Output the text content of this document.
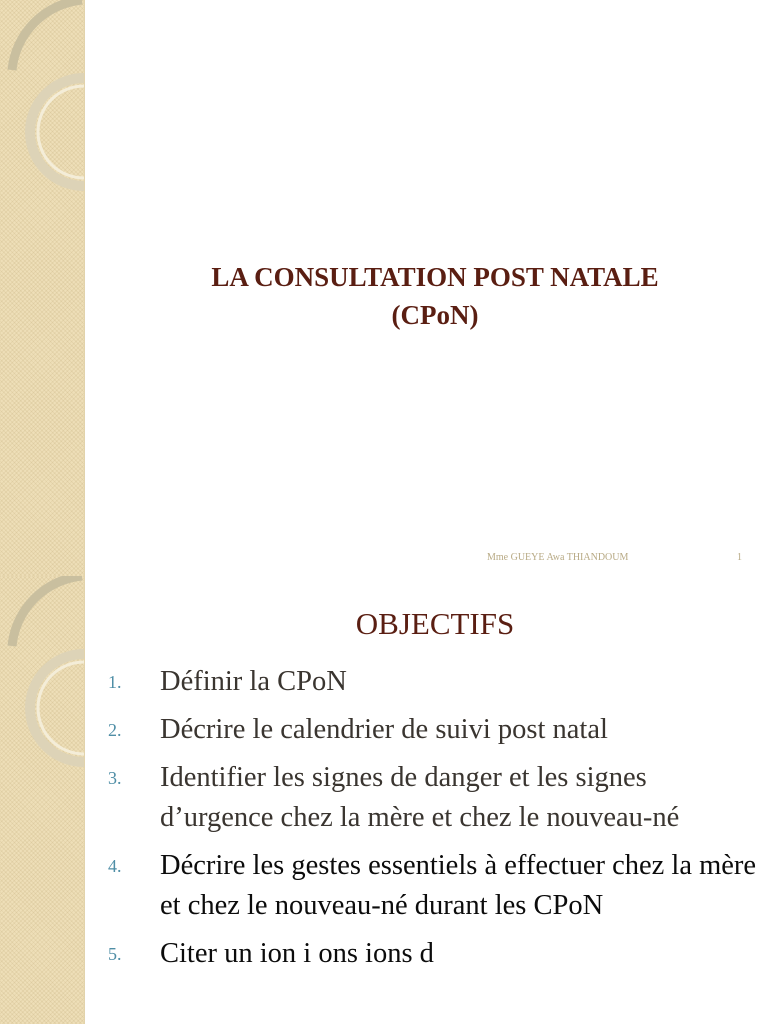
LA CONSULTATION POST NATALE
(CPoN)
Mme GUEYE Awa THIANDOUM	1
OBJECTIFS
1. Définir la CPoN
2. Décrire le calendrier de suivi post natal
3. Identifier les signes de danger et les signes d’urgence chez la mère et chez le nouveau-né
4. Décrire les gestes essentiels à effectuer chez la mère et chez le nouveau-né durant les CPoN
5. Citer un ion i ons ions d
